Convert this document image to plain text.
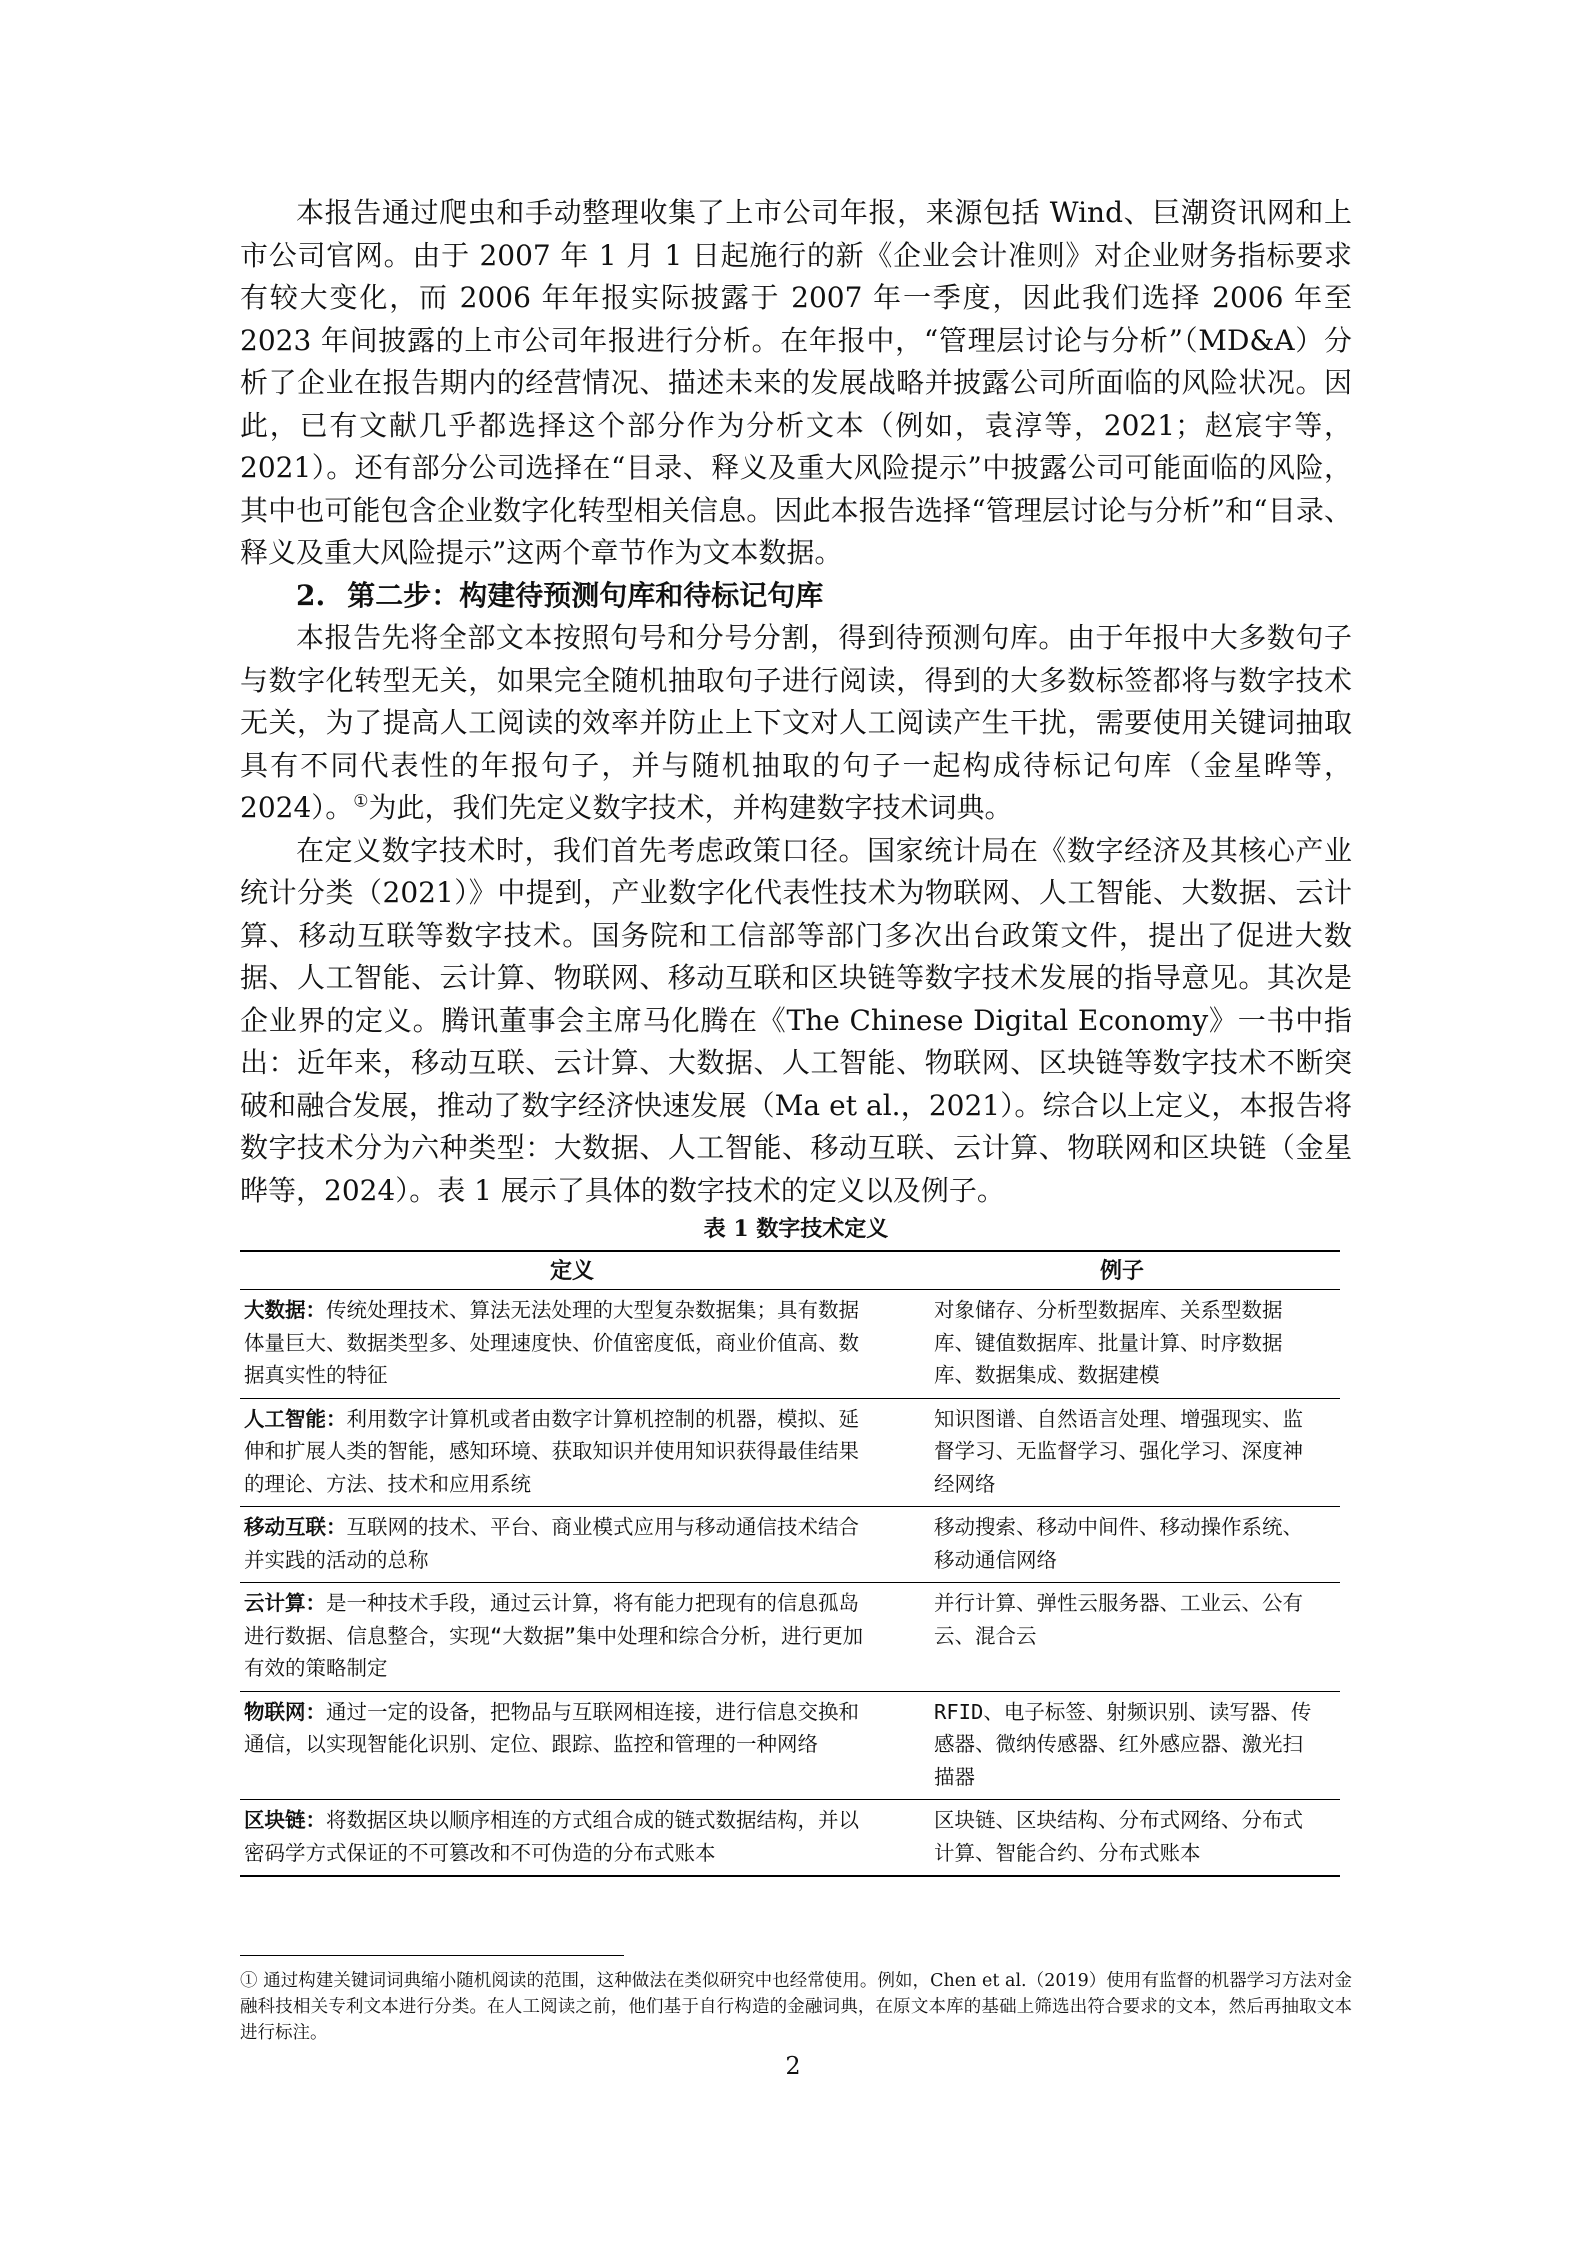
本报告通过爬虫和手动整理收集了上市公司年报，来源包括 Wind、巨潮资讯网和上市公司官网。由于 2007 年 1 月 1 日起施行的新《企业会计准则》对企业财务指标要求有较大变化，而 2006 年年报实际披露于 2007 年一季度，因此我们选择 2006 年至 2023 年间披露的上市公司年报进行分析。在年报中，“管理层讨论与分析”（MD&A）分析了企业在报告期内的经营情况、描述未来的发展战略并披露公司所面临的风险状况。因此，已有文献几乎都选择这个部分作为分析文本（例如，袁淳等，2021；赵宸宇等，2021）。还有部分公司选择在“目录、释义及重大风险提示”中披露公司可能面临的风险，其中也可能包含企业数字化转型相关信息。因此本报告选择“管理层讨论与分析”和“目录、释义及重大风险提示”这两个章节作为文本数据。

2. 第二步：构建待预测句库和待标记句库

本报告先将全部文本按照句号和分号分割，得到待预测句库。由于年报中大多数句子与数字化转型无关，如果完全随机抽取句子进行阅读，得到的大多数标签都将与数字技术无关，为了提高人工阅读的效率并防止上下文对人工阅读产生干扰，需要使用关键词抽取具有不同代表性的年报句子，并与随机抽取的句子一起构成待标记句库（金星晔等，2024）。①为此，我们先定义数字技术，并构建数字技术词典。

在定义数字技术时，我们首先考虑政策口径。国家统计局在《数字经济及其核心产业统计分类（2021）》中提到，产业数字化代表性技术为物联网、人工智能、大数据、云计算、移动互联等数字技术。国务院和工信部等部门多次出台政策文件，提出了促进大数据、人工智能、云计算、物联网、移动互联和区块链等数字技术发展的指导意见。其次是企业界的定义。腾讯董事会主席马化腾在《The Chinese Digital Economy》一书中指出：近年来，移动互联、云计算、大数据、人工智能、物联网、区块链等数字技术不断突破和融合发展，推动了数字经济快速发展（Ma et al.，2021）。综合以上定义，本报告将数字技术分为六种类型：大数据、人工智能、移动互联、云计算、物联网和区块链（金星晔等，2024）。表 1 展示了具体的数字技术的定义以及例子。

表 1 数字技术定义
定义	例子
大数据：传统处理技术、算法无法处理的大型复杂数据集；具有数据体量巨大、数据类型多、处理速度快、价值密度低，商业价值高、数据真实性的特征	对象储存、分析型数据库、关系型数据库、键值数据库、批量计算、时序数据库、数据集成、数据建模
人工智能：利用数字计算机或者由数字计算机控制的机器，模拟、延伸和扩展人类的智能，感知环境、获取知识并使用知识获得最佳结果的理论、方法、技术和应用系统	知识图谱、自然语言处理、增强现实、监督学习、无监督学习、强化学习、深度神经网络
移动互联：互联网的技术、平台、商业模式应用与移动通信技术结合并实践的活动的总称	移动搜索、移动中间件、移动操作系统、移动通信网络
云计算：是一种技术手段，通过云计算，将有能力把现有的信息孤岛进行数据、信息整合，实现“大数据”集中处理和综合分析，进行更加有效的策略制定	并行计算、弹性云服务器、工业云、公有云、混合云
物联网：通过一定的设备，把物品与互联网相连接，进行信息交换和通信，以实现智能化识别、定位、跟踪、监控和管理的一种网络	RFID、电子标签、射频识别、读写器、传感器、微纳传感器、红外感应器、激光扫描器
区块链：将数据区块以顺序相连的方式组合成的链式数据结构，并以密码学方式保证的不可篡改和不可伪造的分布式账本	区块链、区块结构、分布式网络、分布式计算、智能合约、分布式账本

① 通过构建关键词词典缩小随机阅读的范围，这种做法在类似研究中也经常使用。例如，Chen et al.（2019）使用有监督的机器学习方法对金融科技相关专利文本进行分类。在人工阅读之前，他们基于自行构造的金融词典，在原文本库的基础上筛选出符合要求的文本，然后再抽取文本进行标注。

2
